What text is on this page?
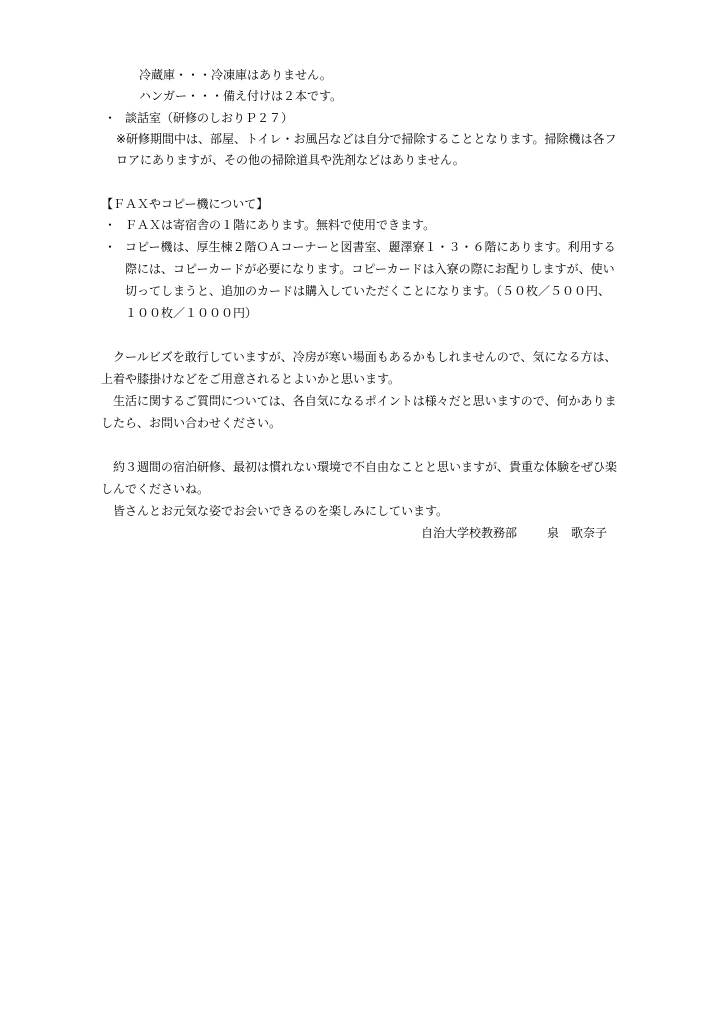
冷蔵庫・・・冷凍庫はありません。
ハンガー・・・備え付けは２本です。
・ 談話室（研修のしおりＰ２７）
※研修期間中は、部屋、トイレ・お風呂などは自分で掃除することとなります。掃除機は各フ
ロアにありますが、その他の掃除道具や洗剤などはありません。
【ＦＡＸやコピー機について】
・ ＦＡＸは寄宿舎の１階にあります。無料で使用できます。
・ コピー機は、厚生棟２階ＯＡコーナーと図書室、麗澤寮１・３・６階にあります。利用する
際には、コピーカードが必要になります。コピーカードは入寮の際にお配りしますが、使い
切ってしまうと、追加のカードは購入していただくことになります。（５０枚／５００円、
１００枚／１０００円）
　クールビズを敢行していますが、冷房が寒い場面もあるかもしれませんので、気になる方は、
上着や膝掛けなどをご用意されるとよいかと思います。
　生活に関するご質問については、各自気になるポイントは様々だと思いますので、何かありま
したら、お問い合わせください。
　約３週間の宿泊研修、最初は慣れない環境で不自由なことと思いますが、貴重な体験をぜひ楽
しんでくださいね。
　皆さんとお元気な姿でお会いできるのを楽しみにしています。
自治大学校教務部 泉　歌奈子
